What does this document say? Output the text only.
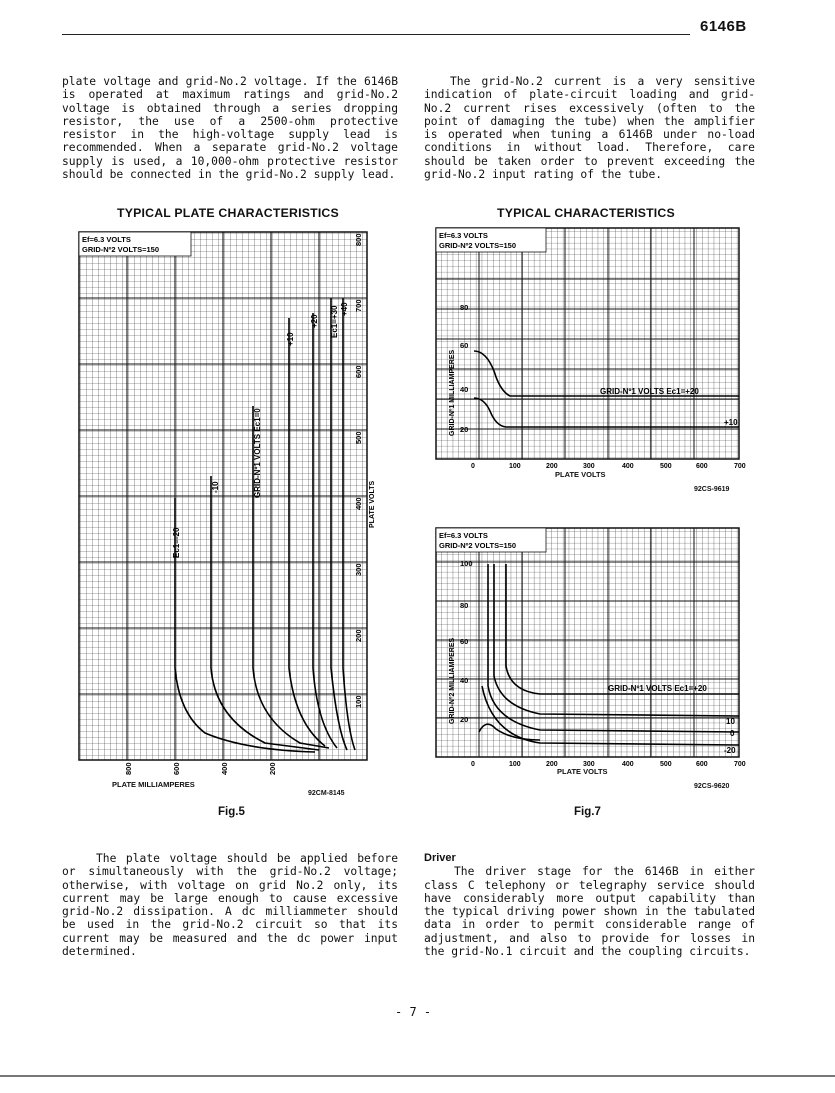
6146B

plate voltage and grid-No.2 voltage. If the 6146B is operated at maximum ratings and grid-No.2 voltage is obtained through a series dropping resistor, the use of a 2500-ohm protective resistor in the high-voltage supply lead is recommended. When a separate grid-No.2 voltage supply is used, a 10,000-ohm protective resistor should be connected in the grid-No.2 supply lead.

The grid-No.2 current is a very sensitive indication of plate-circuit loading and grid-No.2 current rises excessively (often to the point of damaging the tube) when the amplifier is operated when tuning a 6146B under no-load conditions in without load. Therefore, care should be taken order to prevent exceeding the grid-No.2 input rating of the tube.

TYPICAL PLATE CHARACTERISTICS	TYPICAL CHARACTERISTICS
Ef=6.3 VOLTS
GRID-Nº2 VOLTS=150
Ec1=-20
-10	GRID-Nº1 VOLTS Ec1=0
+10
+20 Ec1=+30 +40
100
200
300
400
500
600
700
800
PLATE VOLTS
800	600	400	200
PLATE MILLIAMPERES
92CM-8145
Fig.5
Ef=6.3 VOLTS
GRID-Nº2 VOLTS=150
20
40
60
80
GRID-Nº1 MILLIAMPERES	GRID-Nº1 VOLTS Ec1=+20
+10
0	100	200	300	400	500	600	700
PLATE VOLTS
92CS-9619
Ef=6.3 VOLTS
GRID-Nº2 VOLTS=150
20
40
60
80
100
GRID-Nº2 MILLIAMPERES	GRID-Nº1 VOLTS Ec1=+20
10
0
-20
0	100	200	300	400	500	600	700
PLATE VOLTS
92CS-9620
Fig.7

The plate voltage should be applied before or simultaneously with the grid-No.2 voltage; otherwise, with voltage on grid No.2 only, its current may be large enough to cause excessive grid-No.2 dissipation. A dc milliammeter should be used in the grid-No.2 circuit so that its current may be measured and the dc power input determined.

Driver

The driver stage for the 6146B in either class C telephony or telegraphy service should have considerably more output capability than the typical driving power shown in the tabulated data in order to permit considerable range of adjustment, and also to provide for losses in the grid-No.1 circuit and the coupling circuits.

- 7 -
